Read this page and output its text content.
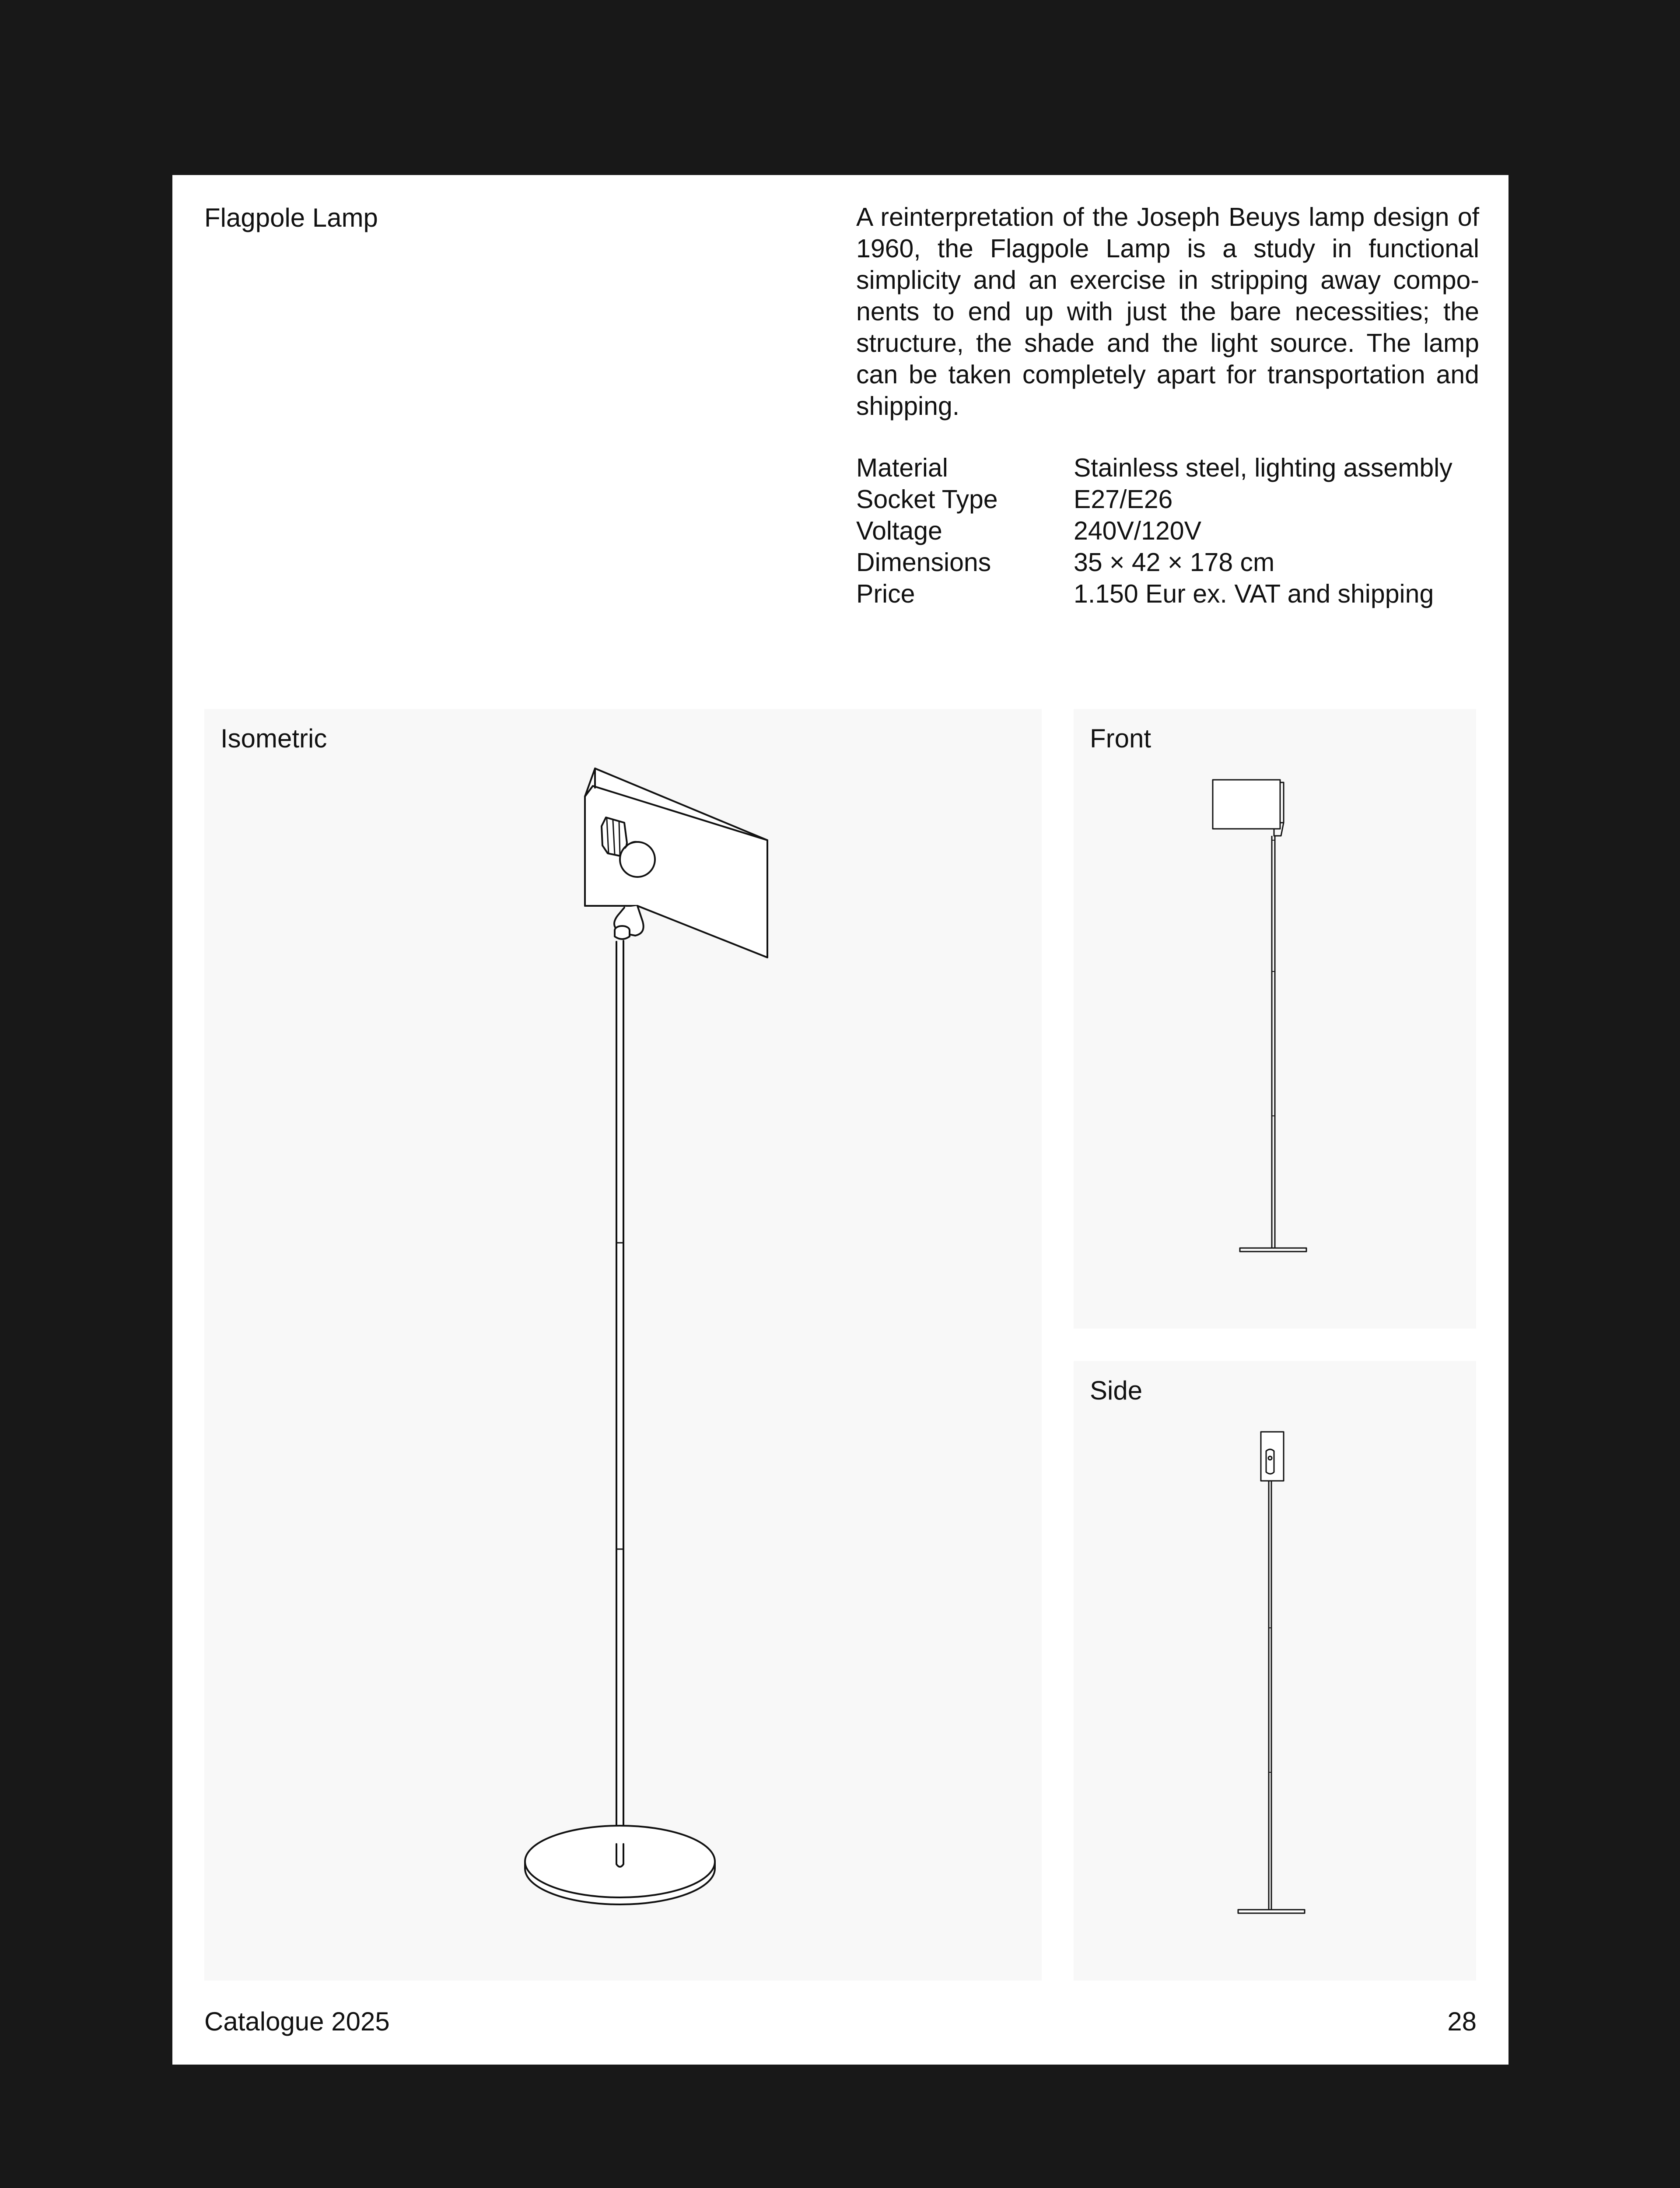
Flagpole Lamp	A reinterpretation of the Joseph Beuys lamp design of 1960, the Flagpole Lamp is a study in functional simplicity and an exercise in stripping away components to end up with just the bare necessities; the structure, the shade and the light source. The lamp can be taken completely apart for transportation and shipping.
Material	Stainless steel, lighting assembly
Socket Type	E27/E26
Voltage	240V/120V
Dimensions	35 × 42 × 178 cm
Price	1.150 Eur ex. VAT and shipping
Isometric	Front
Side
Catalogue 2025	28
